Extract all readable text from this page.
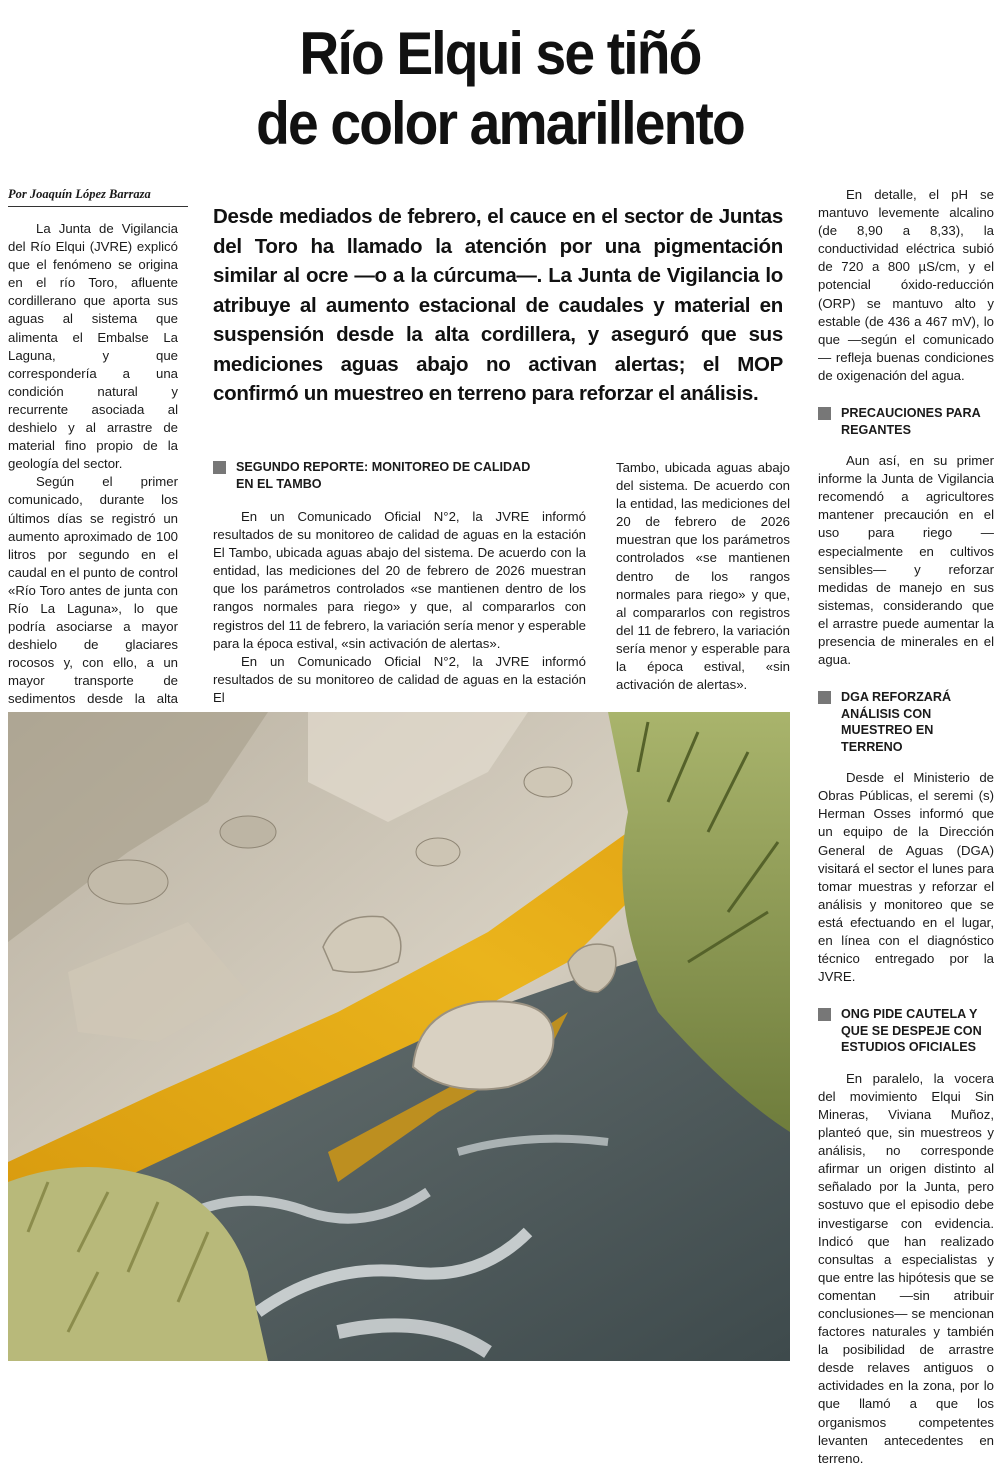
Río Elqui se tiñó
de color amarillento
Por Joaquín López Barraza

La Junta de Vigilancia del Río Elqui (JVRE) explicó que el fenómeno se origina en el río Toro, afluente cordillerano que aporta sus aguas al sistema que alimenta el Embalse La Laguna, y que correspondería a una condición natural y recurrente asociada al deshielo y al arrastre de material fino propio de la geología del sector.

Según el primer comunicado, durante los últimos días se registró un aumento aproximado de 100 litros por segundo en el caudal en el punto de control «Río Toro antes de junta con Río La Laguna», lo que podría asociarse a mayor deshielo de glaciares rocosos y, con ello, a un mayor transporte de sedimentos desde la alta

Desde mediados de febrero, el cauce en el sector de Juntas del Toro ha llamado la atención por una pigmentación similar al ocre —o a la cúrcuma—. La Junta de Vigilancia lo atribuye al aumento estacional de caudales y material en suspensión desde la alta cordillera, y aseguró que sus mediciones aguas abajo no activan alertas; el MOP confirmó un muestreo en terreno para reforzar el análisis.
SEGUNDO REPORTE: MONITOREO DE CALIDAD EN EL TAMBO

En un Comunicado Oficial N°2, la JVRE informó resultados de su monitoreo de calidad de aguas en la estación El Tambo, ubicada aguas abajo del sistema. De acuerdo con la entidad, las mediciones del 20 de febrero de 2026 muestran que los parámetros controlados «se mantienen dentro de los rangos normales para riego» y que, al compararlos con registros del 11 de febrero, la variación sería menor y esperable para la época estival, «sin activación de alertas».

En un Comunicado Oficial N°2, la JVRE informó resultados de su monitoreo de calidad de aguas en la estación El

Tambo, ubicada aguas abajo del sistema. De acuerdo con la entidad, las mediciones del 20 de febrero de 2026 muestran que los parámetros controlados «se mantienen dentro de los rangos normales para riego» y que, al compararlos con registros del 11 de febrero, la variación sería menor y esperable para la época estival, «sin activación de alertas».

En detalle, el pH se mantuvo levemente alcalino (de 8,90 a 8,33), la conductividad eléctrica subió de 720 a 800 µS/cm, y el potencial óxido-reducción (ORP) se mantuvo alto y estable (de 436 a 467 mV), lo que —según el comunicado— refleja buenas condiciones de oxigenación del agua.

PRECAUCIONES PARA REGANTES

Aun así, en su primer informe la Junta de Vigilancia recomendó a agricultores mantener precaución en el uso para riego —especialmente en cultivos sensibles— y reforzar medidas de manejo en sus sistemas, considerando que el arrastre puede aumentar la presencia de minerales en el agua.

DGA REFORZARÁ ANÁLISIS CON MUESTREO EN TERRENO

Desde el Ministerio de Obras Públicas, el seremi (s) Herman Osses informó que un equipo de la Dirección General de Aguas (DGA) visitará el sector el lunes para tomar muestras y reforzar el análisis y monitoreo que se está efectuando en el lugar, en línea con el diagnóstico técnico entregado por la JVRE.

ONG PIDE CAUTELA Y QUE SE DESPEJE CON ESTUDIOS OFICIALES

En paralelo, la vocera del movimiento Elqui Sin Mineras, Viviana Muñoz, planteó que, sin muestreos y análisis, no corresponde afirmar un origen distinto al señalado por la Junta, pero sostuvo que el episodio debe investigarse con evidencia. Indicó que han realizado consultas a especialistas y que entre las hipótesis que se comentan —sin atribuir conclusiones— se mencionan factores naturales y también la posibilidad de arrastre desde relaves antiguos o actividades en la zona, por lo que llamó a que los organismos competentes levanten antecedentes en terreno.
